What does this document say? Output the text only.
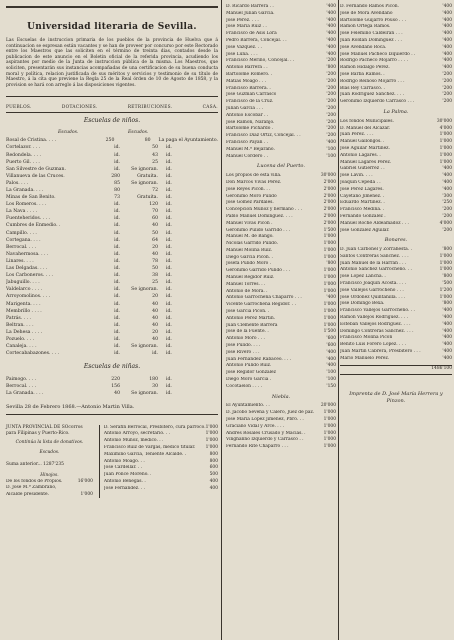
Universidad literaria de Sevilla.
Las Escuelas de instruccion primaria de los pueblos de la provincia de Huelva que á continuacion se espresan están vacantes y se han de proveer por concurso por este Rectorado entre los Maestros que las soliciten en el término de treinta dias, contados desde la publicacion de este anuncio en el Boletin oficial de la referida provincia, acudiendo los aspirantes por medio de la Junta de instruccion pública de la misma. Los Maestros, que soliciten, presentarán sus instancias acompañadas de una certificacion de su buena conducta moral y política, relacion justificada de sus méritos y servicios y testimonio de su título de Maestro, á la cita que previene la Regla 25 de la Real órden de 10 de Agosto de 1858, y la provision se hará con arreglo á las disposiciones vigentes.
PUEBLOS.	DOTACIONES.	RETRIBUCIONES.	CASA.
Escuelas de niños.
Escudos.	Escudos.
Rosal de Cristina. . . .	250	80	La paga el Ayuntamiento.
Cortelazor. . . .	id.	50	id.
Redondela. . . .	id.	43	id.
Puerto Gil. . . .	id.	25	id.
San Silvestre de Guzman.	id.	Se ignoran.	id.
Villanueva de las Cruces.	280	Gratuita.	id.
Palos. . . .	85	Se ignoran.	id.
La Granada. . . .	80	72	id.
Minas de San Benito.	73	Gratuita.	id.
Los Romeros. . . .	id.	120	id.
La Nava . . . .	id.	70	id.
Fuenteheridos. . . .	id.	60	id.
Cumbres de Enmedio. .	id.	40	id.
Campillo. . . .	id.	50	id.
Cortegana. . . .	id.	64	id.
Berrocal. . . .	id.	20	id.
Navahermosa. . . .	id.	40	id.
Linares. . . .	id.	78	id.
Las Delgadas. . . .	id.	50	id.
Los Carboneros. . . .	id.	38	id.
Jabuguillo. . . .	id.	25	id.
Valdelarco . . . .	id.	Se ignoran.	id.
Arroyomolinos. . . .	id.	20	id.
Marigenta. . . .	id.	40	id.
Membrillo . . . .	id.	40	id.
Patrás. . . .	id.	40	id.
Beltran. . . .	id.	40	id.
La Dehesa . . . .	id.	20	id.
Pozuelo. . . .	id.	40	id.
Canaleja. . . .	id.	Se ignoran.	id.
Cortecababazones. . . .	id.	id.	id.
Escuelas de niñas.
Paimogo. . . .	220	180	id.
Berrocal. . . .	156	30	id.
La Granada. . . .	40	Se ignoran.	id.
Sevilla 28 de Febrero 1868.—Antonio Martin Villa.
JUNTA PROVINCIAL DE SOcorros para Filipinas y Puerto-Rico.
Continúa la lista de donativos.
Escudos.
Suma anterior... 1287'235
Hinojos.
De los fondos de Propios.	16'000
D. José M.ª Zambrano,
Alcalde presidente.	1'000
D. Serafin Berrocal, Presbítero, cura párroco. 1'000
Antonio Arroyo, secretario. . .	1'000
Antonio Muñoz, médico. . .	1'000
Francisco Ruiz de Vargas, médico titular. 1'000
Maximino García, Teniente Alcalde. .	800
Antonio Moago. . .	800
José Cardellar. . .	600
Juan Ponce Moreno. .	500
Antonio Benegas. .	400
José Fernandez. . .	400
D. Ricardo Barrera . .	'400
Manuel Julian García.	'400
José Perez. . . .	'400
José María Ruiz . .	'400
Francisco de Asís Lora	'400
Pedro Barrera, Concejal. . .	'400
José Vazquez. . .	'400
José Luna. . . .	'400
Francisco Merino, Concejal. . .	'200
Antonio Barrera . .	'800
Bartolomé Romero. .	'200
Matias Moago . . .	'200
Francisco Barrera. .	'200
José Guzman Carrasco	'200
Francisco de la Cruz.	'200
Julian García . . .	'200
Antonio Escobar . .	'200
José Ramon, Naranjo.	'200
Bartolomé Pichardo .	'200
Francisco Diaz Ortiz, Concejal. . .	'200
Francisco Payan . .	'400
Manuel M.ª Bejarano.	'100
Manuel Cordero . .	'100
Lucena del Puerto.
Los propios de esta villa.	30'000
Don Marcos Vivas Perez.	2'000
José Reyes Picon. . .	2'000
Geronimo Moro Pulido	2'000
José Gomez Pardales.	2'000
Concepcion Muñoz y hermano . . .	2'000
Pablo Manuel Dominguez. . . .	2'000
Manuel Vivas Picon .	2'000
Geronimo Pulido Garrido . . .	1'500
Manuel M. de Bango.	1'000
Nicolás Garrido Pulido.	1'000
Manuel Molina Ruiz.	1'000
Diego García Picon. .	1'000
Josefa Pulido Moro .	'800
Geronimo Garrido Pulido . . .	1'000
Manuel Regidor Ruiz.	1'000
Manuel Torres. . .	1'000
Antonio de Mora. .	1'000
Antonio Garrocheña Chaparro . . .	'400
Vicente Garrocheña Regidor. . .	1'000
José García Picon. .	1'000
Antonio Perez Martin.	1'000
Juan Clemente Barrera	1'000
José de la Fuente. .	1'500
Antonio Moro . . .	'600
José Pulido. . . .	'600
José Rivero . . .	'400
Juan Fernandez Rabaceo. . . .	'400
Antonio Pulido Ruiz.	'400
José Regidor Gonzalez	'100
Diego Moro García .	'100
Cocotaelon . . . .	'150
Niebla.
El Ayuntamiento. . .	20'000
D. Jacobo Sevena y Calero, Juez de paz. 1'000
José María Lopez Jimenez, Pbro. . .	1'000
Graciano Vidal y Arce. . . .	1'000
Andres Rosales Crusado y Macias. .	1'000
Vinghanno Izquierdo y Carrasco . .	1'000
Fernando Rite Chaparro . . .	1'000
D. Fernando Ramos Picon.	'400
José de Mora Avendaño	'400
Bartolomé Guijarro Pouso . . .	'400
Ramon Ortega Ramos.	'400
José Felemino Caldeiran . . .	'400
Juan Roldan Dominguez . . .	'400
José Avendaño Roca.	'400
José Manuel Pacheco Izquierdo . .	'400
Rodrigo Pacheco Mojarro . . . .	'400
Ramon Hidalgo Perez.	'400
José Barba Ramos. .	'200
Rodrigo Reinoso Mojarro . . .	'200
Blas Rey Carrasco. .	'200
Juan Rodriguez Sanchez. . . .	'200
Geronimo Izquierdo Carrasco . . .	'200
La Palma.
Los fondos Municipales.	30'000
D. Manuel del Alcazar.	4'000
Juan Perez. . . .	1'000
Manuel Gallongos. .	1'000
José Aguilar Martinez.	1'000
Antonio Lagares. .	1'000
Manuel Lagares Perez.	1'000
Gabriel Gutierrez . .	'400
José Lavin. . . .	'400
Joaquin Cepeda . .	'400
José Perez Lagares.	'400
Cayetano Jimenez. .	'300
Eduardo Martinez. .	'250
Francisco Medina. .	'200
Fernando Gonzalez .	'200
Manuel Roche Aldeamadoz . . .	4'000
José Gonzalez Aguilar.	'200
Bonares.
D. Juan Carbonel y Zorrahesta. .	'800
Santos Contreras Sanchez. . . .	1'000
Juan Manuel de la Harran . . .	1'000
Antonio Sanchez Garrocheno. . .	1'000
José Lopez Lancha. .	'800
Francisco Joaquin Acosta. . . .	'500
José Vallejos Garrocheno . . .	1'200
José Ordoñez Quintanilla. . . .	1'000
José Domingo Bexa.	'800
Francisco Vallejos Garrocheno. . .	'400
Ramon Vallejos Rodriguez. . . .	'400
Esteban Vallejos Rodriguez. . . .	'400
Domingo Contreras Sanchez. . . .	'400
Francisco Molina Picon	'400
Benito Luis Forero Lopez. . . .	'400
Juan Martin Cabrera, Presbítero . . .	'400
Mario Manuelo Perez.	'400
1486'100
Imprenta de D. José María Herrera y Pinzon.
